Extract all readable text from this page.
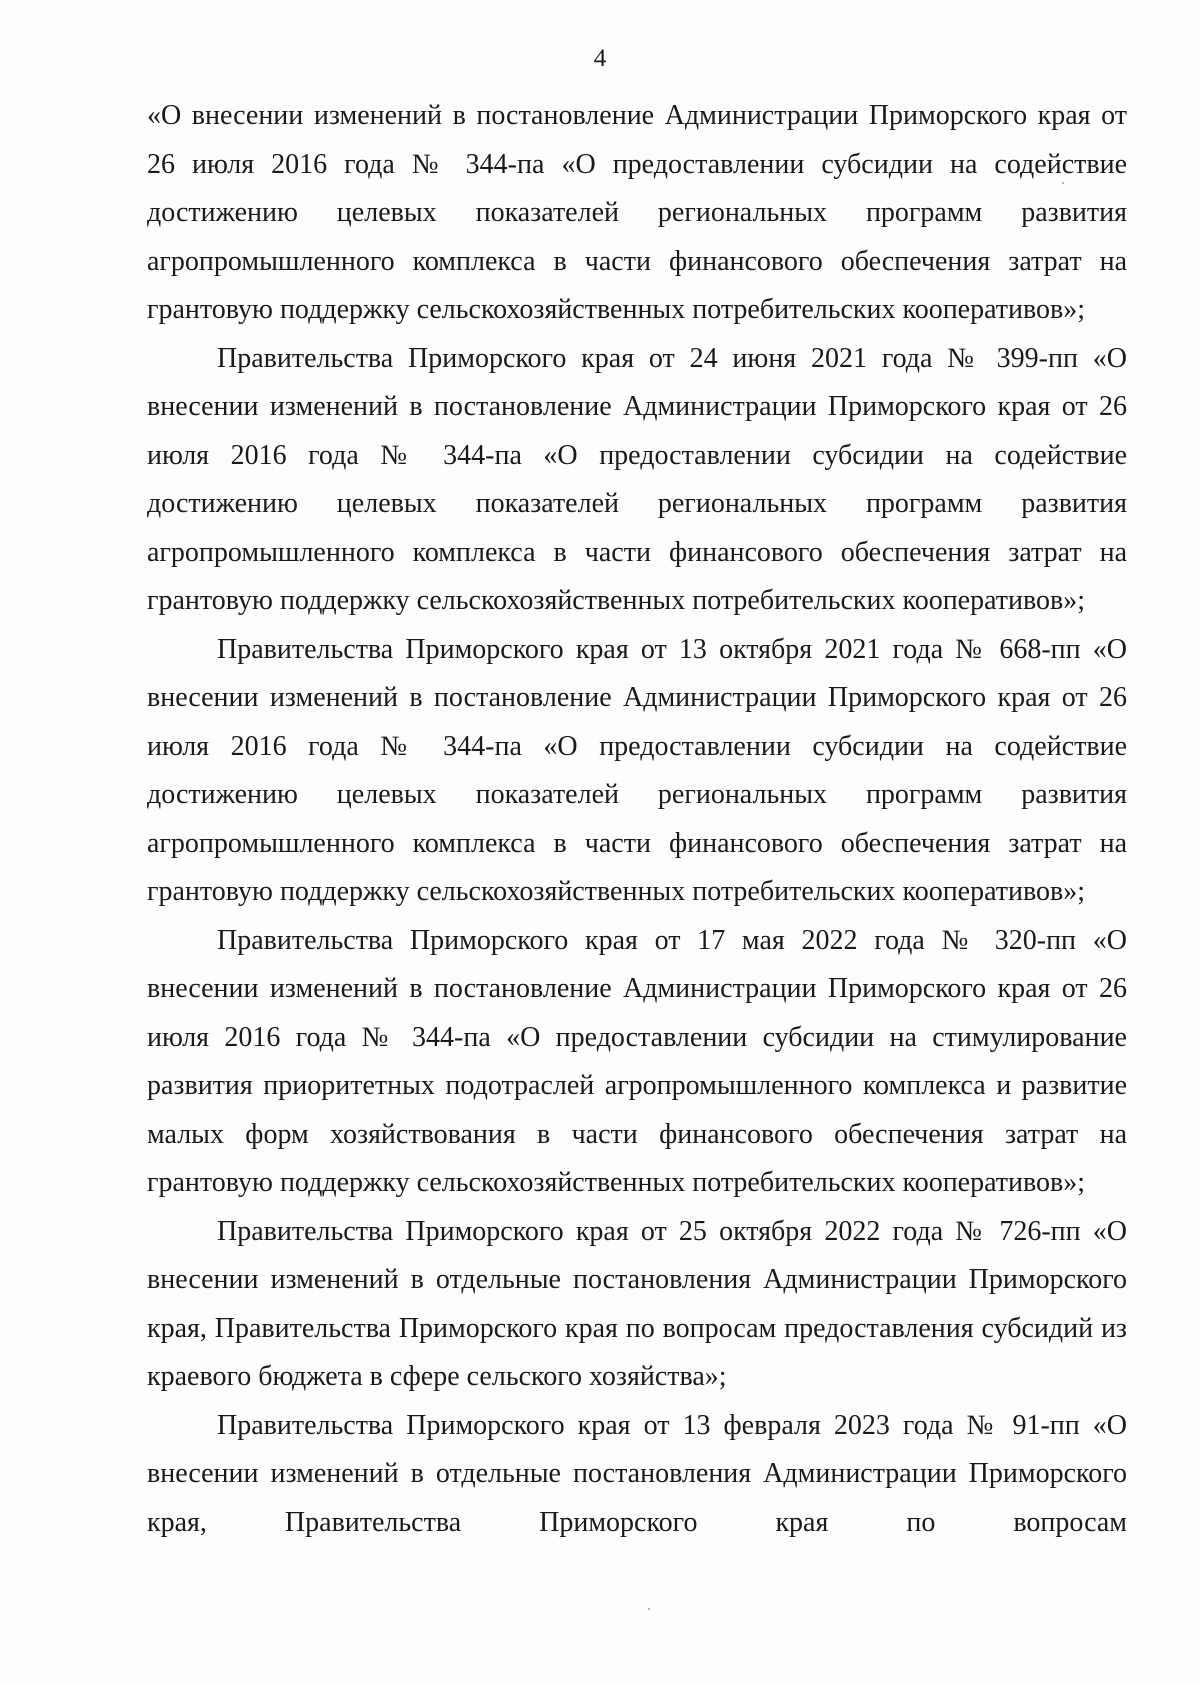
4

«О внесении изменений в постановление Администрации Приморского края от 26 июля 2016 года № 344-па «О предоставлении субсидии на содействие достижению целевых показателей региональных программ развития агропромышленного комплекса в части финансового обеспечения затрат на грантовую поддержку сельскохозяйственных потребительских кооперативов»;

Правительства Приморского края от 24 июня 2021 года № 399-пп «О внесении изменений в постановление Администрации Приморского края от 26 июля 2016 года № 344-па «О предоставлении субсидии на содействие достижению целевых показателей региональных программ развития агропромышленного комплекса в части финансового обеспечения затрат на грантовую поддержку сельскохозяйственных потребительских кооперативов»;

Правительства Приморского края от 13 октября 2021 года № 668-пп «О внесении изменений в постановление Администрации Приморского края от 26 июля 2016 года № 344-па «О предоставлении субсидии на содействие достижению целевых показателей региональных программ развития агропромышленного комплекса в части финансового обеспечения затрат на грантовую поддержку сельскохозяйственных потребительских кооперативов»;

Правительства Приморского края от 17 мая 2022 года № 320-пп «О внесении изменений в постановление Администрации Приморского края от 26 июля 2016 года № 344-па «О предоставлении субсидии на стимулирование развития приоритетных подотраслей агропромышленного комплекса и развитие малых форм хозяйствования в части финансового обеспечения затрат на грантовую поддержку сельскохозяйственных потребительских кооперативов»;

Правительства Приморского края от 25 октября 2022 года № 726-пп «О внесении изменений в отдельные постановления Администрации Приморского края, Правительства Приморского края по вопросам предоставления субсидий из краевого бюджета в сфере сельского хозяйства»;

Правительства Приморского края от 13 февраля 2023 года № 91-пп «О внесении изменений в отдельные постановления Администрации Приморского края, Правительства Приморского края по вопросам
